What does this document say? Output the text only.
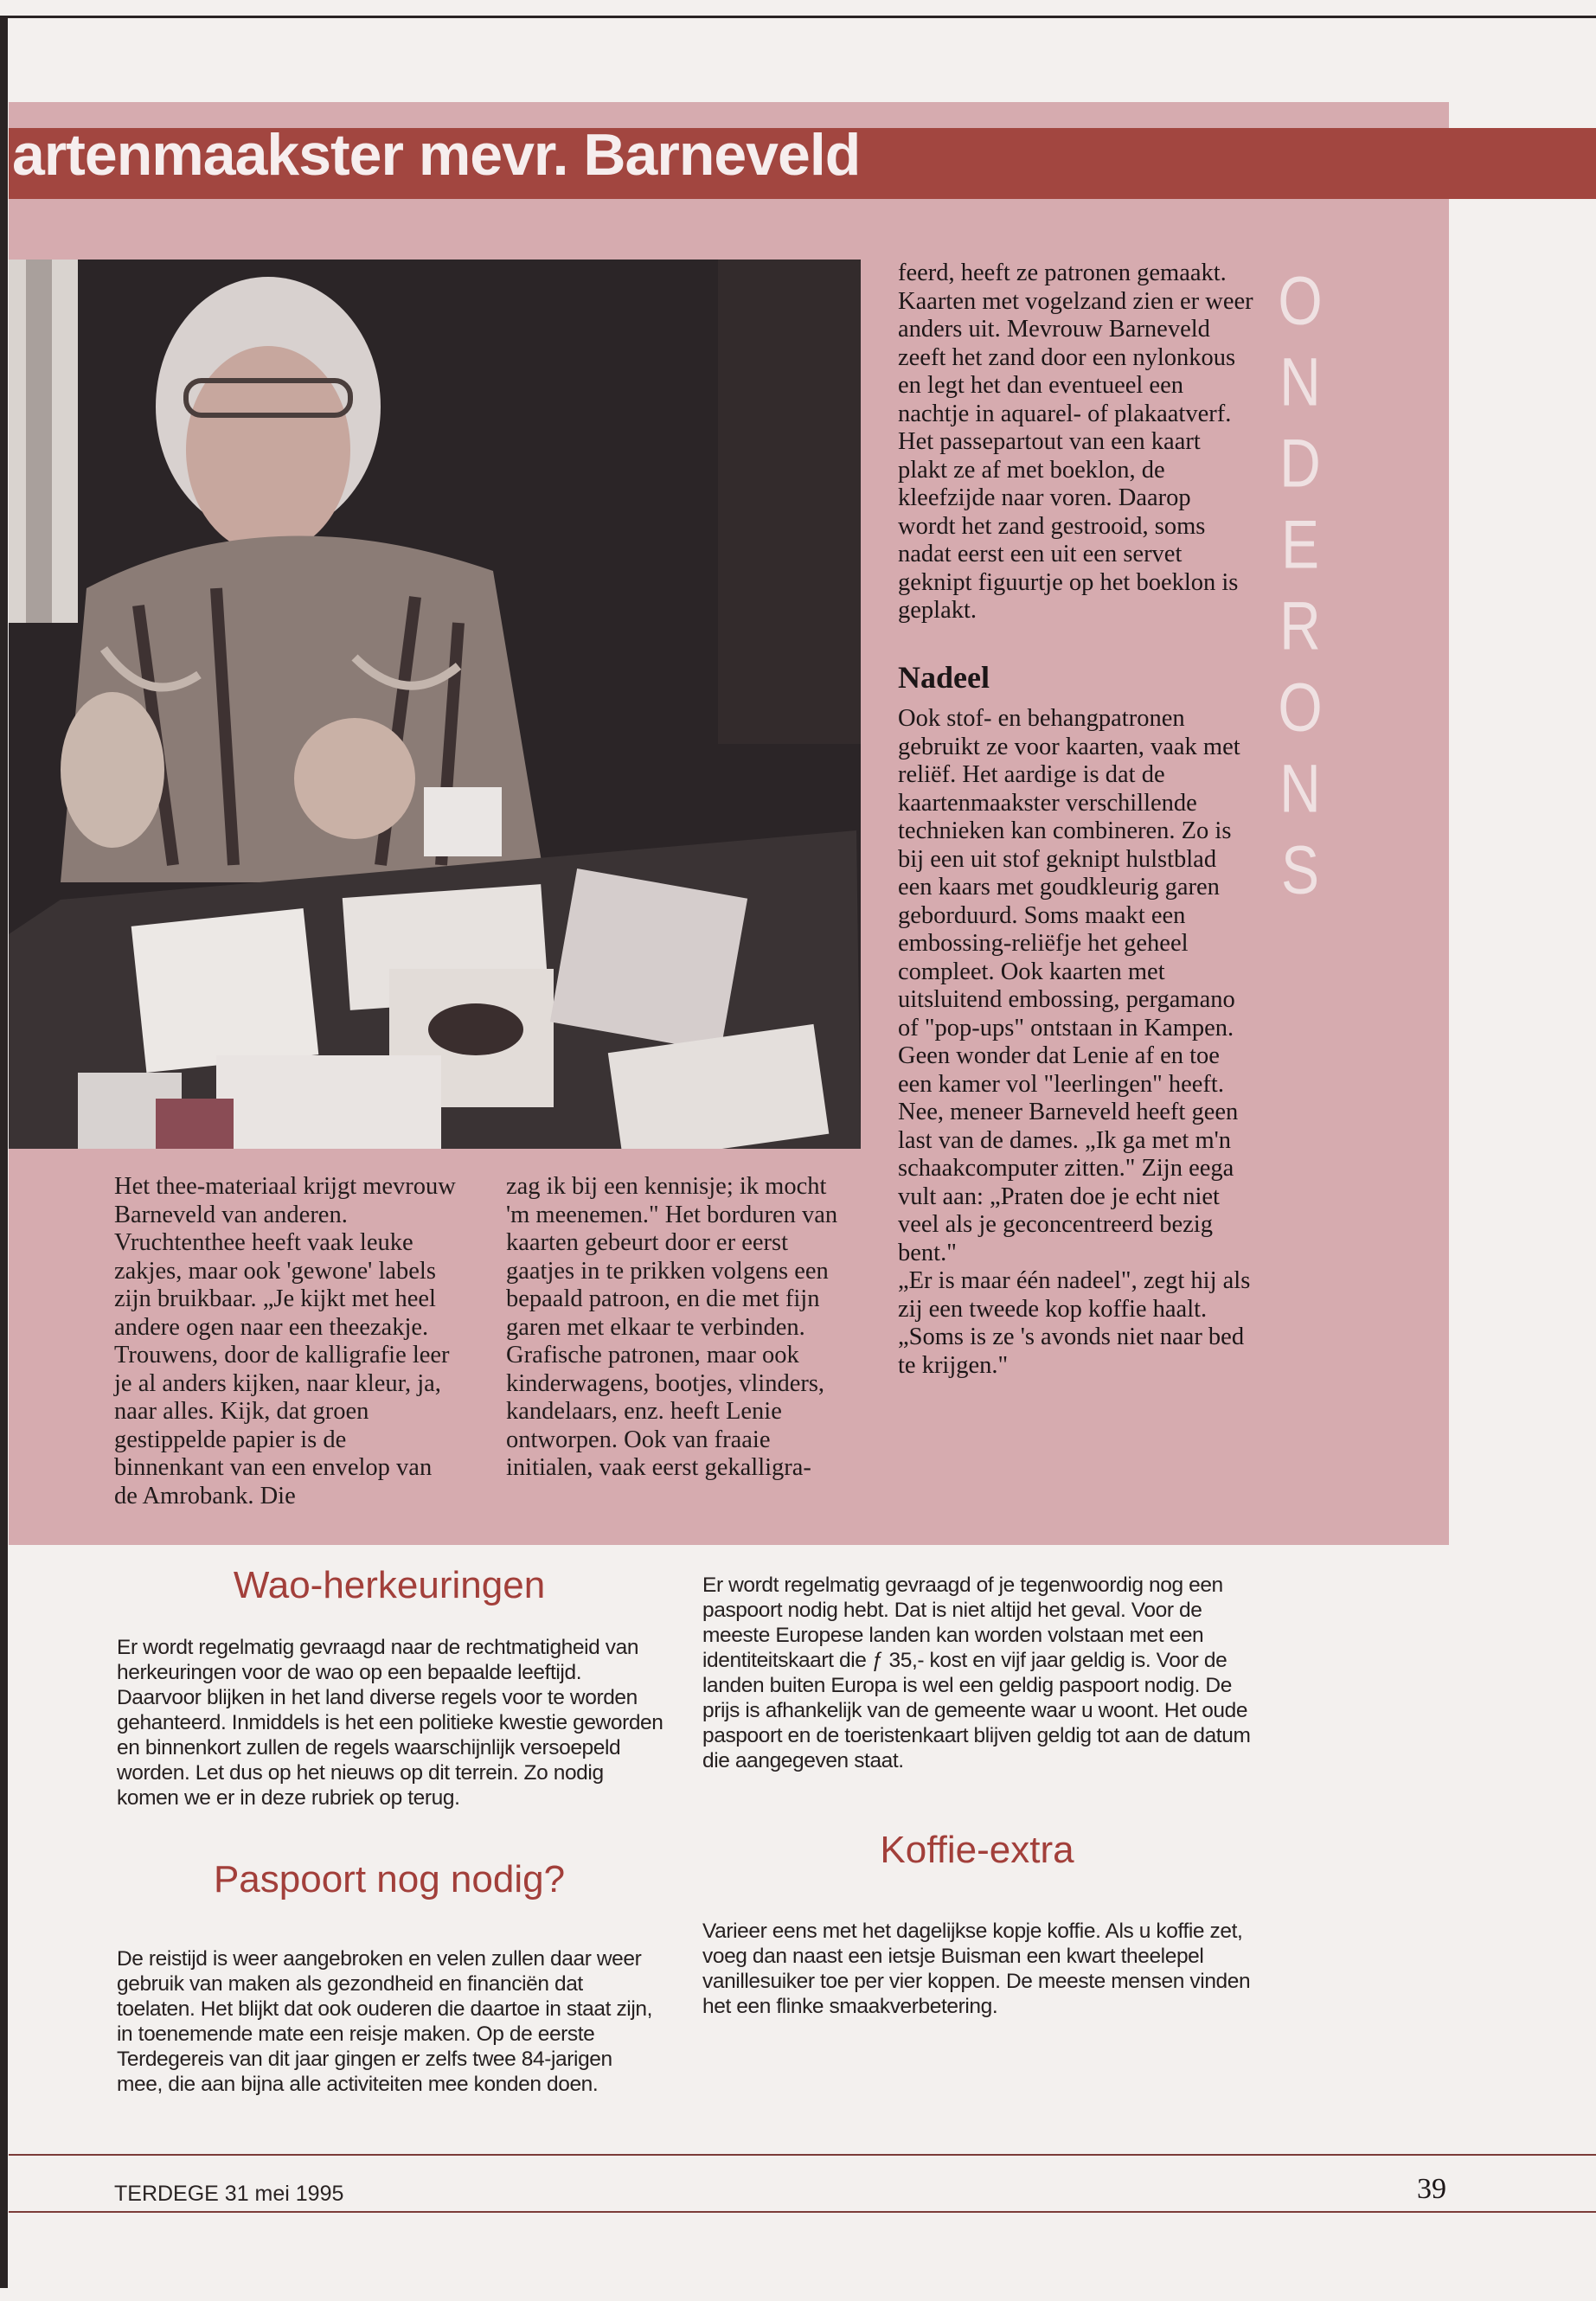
artenmaakster mevr. Barneveld

Het thee-materiaal krijgt mevrouw Barneveld van anderen. Vruchtenthee heeft vaak leuke zakjes, maar ook 'gewone' labels zijn bruikbaar. „Je kijkt met heel andere ogen naar een theezakje. Trouwens, door de kalligrafie leer je al anders kijken, naar kleur, ja, naar alles. Kijk, dat groen gestippelde papier is de binnenkant van een envelop van de Amrobank. Die

zag ik bij een kennisje; ik mocht 'm meenemen." Het borduren van kaarten gebeurt door er eerst gaatjes in te prikken volgens een bepaald patroon, en die met fijn garen met elkaar te verbinden. Grafische patronen, maar ook kinderwagens, bootjes, vlinders, kandelaars, enz. heeft Lenie ontworpen. Ook van fraaie initialen, vaak eerst gekalligra-

feerd, heeft ze patronen gemaakt.

Kaarten met vogelzand zien er weer anders uit. Mevrouw Barneveld zeeft het zand door een nylonkous en legt het dan eventueel een nachtje in aquarel- of plakaatverf. Het passepartout van een kaart plakt ze af met boeklon, de kleefzijde naar voren. Daarop wordt het zand gestrooid, soms nadat eerst een uit een servet geknipt figuurtje op het boeklon is geplakt.

Nadeel

Ook stof- en behangpatronen gebruikt ze voor kaarten, vaak met reliëf. Het aardige is dat de kaartenmaakster verschillende technieken kan combineren. Zo is bij een uit stof geknipt hulstblad een kaars met goudkleurig garen geborduurd. Soms maakt een embossing-reliëfje het geheel compleet. Ook kaarten met uitsluitend embossing, pergamano of "pop-ups" ontstaan in Kampen. Geen wonder dat Lenie af en toe een kamer vol "leerlingen" heeft. Nee, meneer Barneveld heeft geen last van de dames. „Ik ga met m'n schaakcomputer zitten." Zijn eega vult aan: „Praten doe je echt niet veel als je geconcentreerd bezig bent."

„Er is maar één nadeel", zegt hij als zij een tweede kop koffie haalt. „Soms is ze 's avonds niet naar bed te krijgen."

O
N
D
E
R
O
N
S
Wao-herkeuringen

Er wordt regelmatig gevraagd naar de rechtmatigheid van herkeuringen voor de wao op een bepaalde leeftijd. Daarvoor blijken in het land diverse regels voor te worden gehanteerd. Inmiddels is het een politieke kwestie geworden en binnenkort zullen de regels waarschijnlijk versoepeld worden. Let dus op het nieuws op dit terrein. Zo nodig komen we er in deze rubriek op terug.

Paspoort nog nodig?

De reistijd is weer aangebroken en velen zullen daar weer gebruik van maken als gezondheid en financiën dat toelaten. Het blijkt dat ook ouderen die daartoe in staat zijn, in toenemende mate een reisje maken. Op de eerste Terdegereis van dit jaar gingen er zelfs twee 84-jarigen mee, die aan bijna alle activiteiten mee konden doen.

Er wordt regelmatig gevraagd of je tegenwoordig nog een paspoort nodig hebt. Dat is niet altijd het geval. Voor de meeste Europese landen kan worden volstaan met een identiteitskaart die ƒ 35,- kost en vijf jaar geldig is. Voor de landen buiten Europa is wel een geldig paspoort nodig. De prijs is afhankelijk van de gemeente waar u woont. Het oude paspoort en de toeristenkaart blijven geldig tot aan de datum die aangegeven staat.

Koffie-extra

Varieer eens met het dagelijkse kopje koffie. Als u koffie zet, voeg dan naast een ietsje Buisman een kwart theelepel vanillesuiker toe per vier koppen. De meeste mensen vinden het een flinke smaakverbetering.

TERDEGE 31 mei 1995	39
